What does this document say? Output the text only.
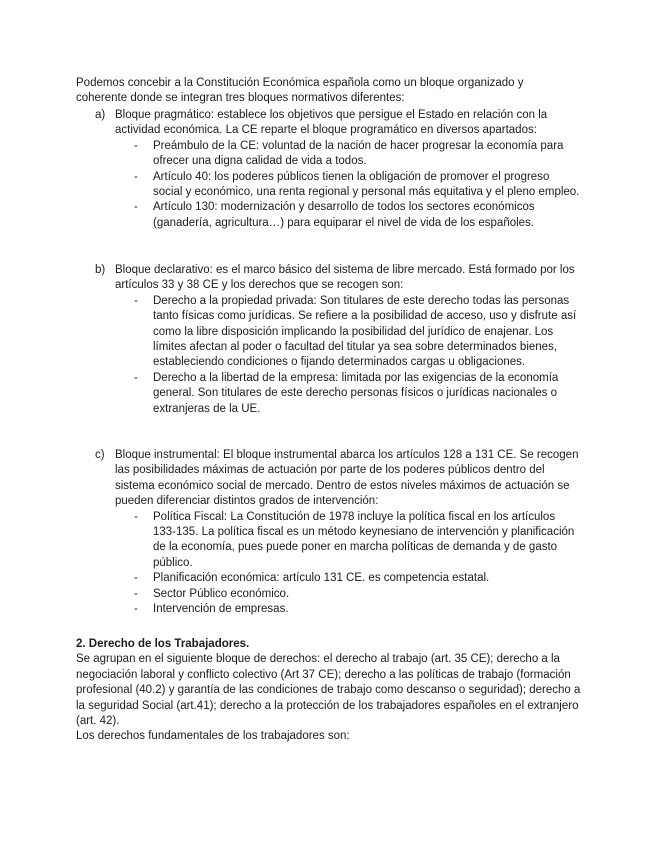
Podemos concebir a la Constitución Económica española como un bloque organizado y coherente donde se integran tres bloques normativos diferentes:

a) Bloque pragmático: establece los objetivos que persigue el Estado en relación con la actividad económica. La CE reparte el bloque programático en diversos apartados:

- Preámbulo de la CE: voluntad de la nación de hacer progresar la economía para ofrecer una digna calidad de vida a todos.
- Artículo 40: los poderes públicos tienen la obligación de promover el progreso social y económico, una renta regional y personal más equitativa y el pleno empleo.
- Artículo 130: modernización y desarrollo de todos los sectores económicos (ganadería, agricultura…) para equiparar el nivel de vida de los españoles.
b) Bloque declarativo: es el marco básico del sistema de libre mercado. Está formado por los artículos 33 y 38 CE y los derechos que se recogen son:

- Derecho a la propiedad privada: Son titulares de este derecho todas las personas tanto físicas como jurídicas. Se refiere a la posibilidad de acceso, uso y disfrute así como la libre disposición implicando la posibilidad del jurídico de enajenar. Los límites afectan al poder o facultad del titular ya sea sobre determinados bienes, estableciendo condiciones o fijando determinados cargas u obligaciones.
- Derecho a la libertad de la empresa: limitada por las exigencias de la economía general. Son titulares de este derecho personas físicos o jurídicas nacionales o extranjeras de la UE.
c) Bloque instrumental: El bloque instrumental abarca los artículos 128 a 131 CE. Se recogen las posibilidades máximas de actuación por parte de los poderes públicos dentro del sistema económico social de mercado. Dentro de estos niveles máximos de actuación se pueden diferenciar distintos grados de intervención:

- Política Fiscal: La Constitución de 1978 incluye la política fiscal en los artículos 133-135. La política fiscal es un método keynesiano de intervención y planificación de la economía, pues puede poner en marcha políticas de demanda y de gasto público.
- Planificación económica: artículo 131 CE. es competencia estatal.
- Sector Público económico.
- Intervención de empresas.

2. Derecho de los Trabajadores.

Se agrupan en el siguiente bloque de derechos: el derecho al trabajo (art. 35 CE); derecho a la negociación laboral y conflicto colectivo (Art 37 CE); derecho a las políticas de trabajo (formación profesional (40.2) y garantía de las condiciones de trabajo como descanso o seguridad); derecho a la seguridad Social (art.41); derecho a la protección de los trabajadores españoles en el extranjero (art. 42).

Los derechos fundamentales de los trabajadores son:
